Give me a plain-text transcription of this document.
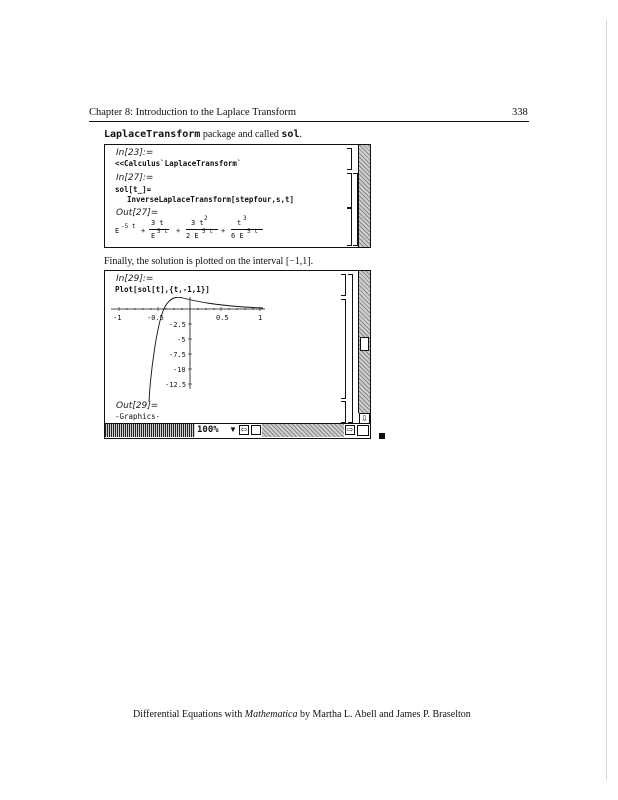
Chapter 8: Introduction to the Laplace Transform	338
LaplaceTransform package and called sol.
In[23]:=
<<Calculus`LaplaceTransform`
In[27]:=
sol[t_]=
InverseLaplaceTransform[stepfour,s,t]
Out[27]=
E
-5 t
+
3 t
E
5 t +
3 t
2
2 E
5 t +
t
3
6 E
5 t
Finally, the solution is plotted on the interval [−1,1].
⇩
In[29]:=
Plot[sol[t],{t,-1,1}]
-1	-0.5	0.5	1
-2.5
-5
-7.5
-10
-12.5
Out[29]=
-Graphics-
100% ▼ ⇦	⇨
Differential Equations with Mathematica by Martha L. Abell and James P. Braselton
